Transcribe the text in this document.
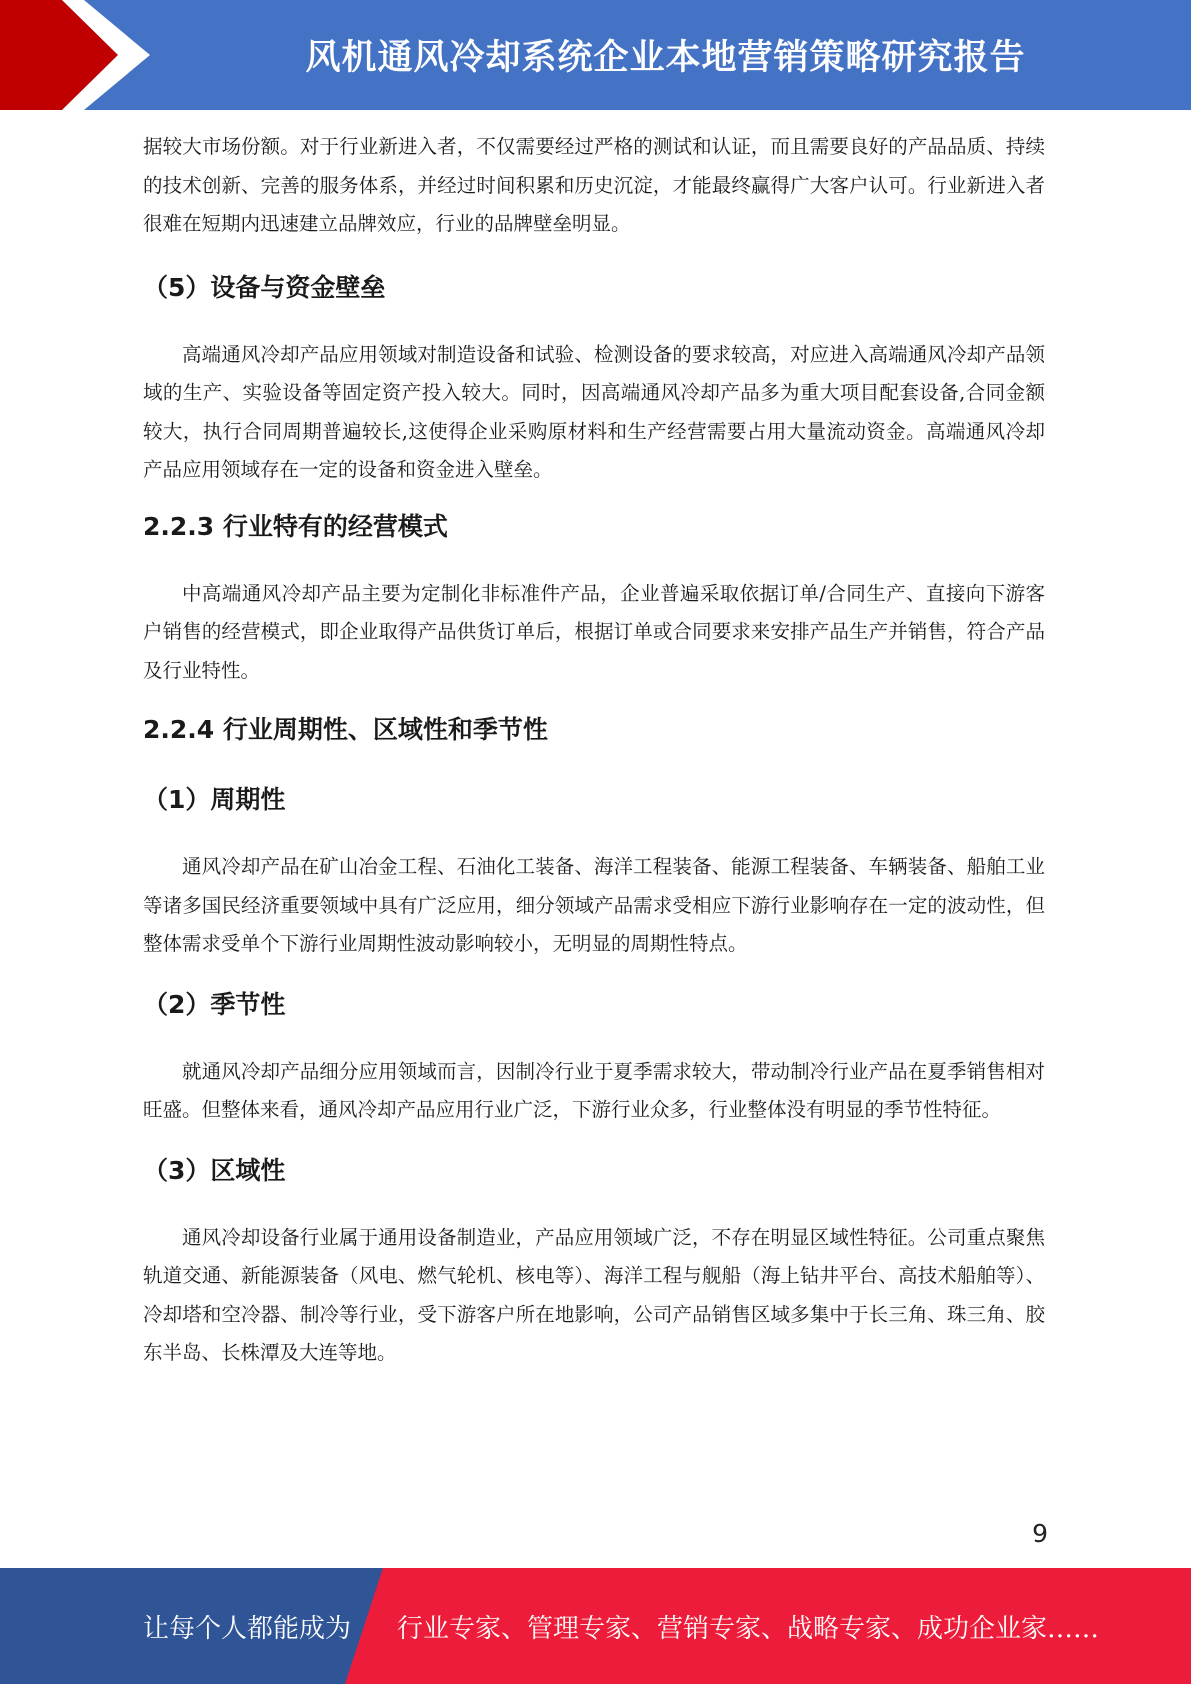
风机通风冷却系统企业本地营销策略研究报告

据较大市场份额。对于行业新进入者，不仅需要经过严格的测试和认证，而且需要良好的产品品质、持续的技术创新、完善的服务体系，并经过时间积累和历史沉淀，才能最终赢得广大客户认可。行业新进入者很难在短期内迅速建立品牌效应，行业的品牌壁垒明显。

（5）设备与资金壁垒

高端通风冷却产品应用领域对制造设备和试验、检测设备的要求较高，对应进入高端通风冷却产品领域的生产、实验设备等固定资产投入较大。同时，因高端通风冷却产品多为重大项目配套设备,合同金额较大，执行合同周期普遍较长,这使得企业采购原材料和生产经营需要占用大量流动资金。高端通风冷却产品应用领域存在一定的设备和资金进入壁垒。

2.2.3 行业特有的经营模式

中高端通风冷却产品主要为定制化非标准件产品，企业普遍采取依据订单/合同生产、直接向下游客户销售的经营模式，即企业取得产品供货订单后，根据订单或合同要求来安排产品生产并销售，符合产品及行业特性。

2.2.4 行业周期性、区域性和季节性
（1）周期性

通风冷却产品在矿山冶金工程、石油化工装备、海洋工程装备、能源工程装备、车辆装备、船舶工业等诸多国民经济重要领域中具有广泛应用，细分领域产品需求受相应下游行业影响存在一定的波动性，但整体需求受单个下游行业周期性波动影响较小，无明显的周期性特点。

（2）季节性

就通风冷却产品细分应用领域而言，因制冷行业于夏季需求较大，带动制冷行业产品在夏季销售相对旺盛。但整体来看，通风冷却产品应用行业广泛，下游行业众多，行业整体没有明显的季节性特征。

（3）区域性

通风冷却设备行业属于通用设备制造业，产品应用领域广泛，不存在明显区域性特征。公司重点聚焦轨道交通、新能源装备（风电、燃气轮机、核电等）、海洋工程与舰船（海上钻井平台、高技术船舶等）、冷却塔和空冷器、制冷等行业，受下游客户所在地影响，公司产品销售区域多集中于长三角、珠三角、胶东半岛、长株潭及大连等地。

9
让每个人都能成为 行业专家、管理专家、营销专家、战略专家、成功企业家……
